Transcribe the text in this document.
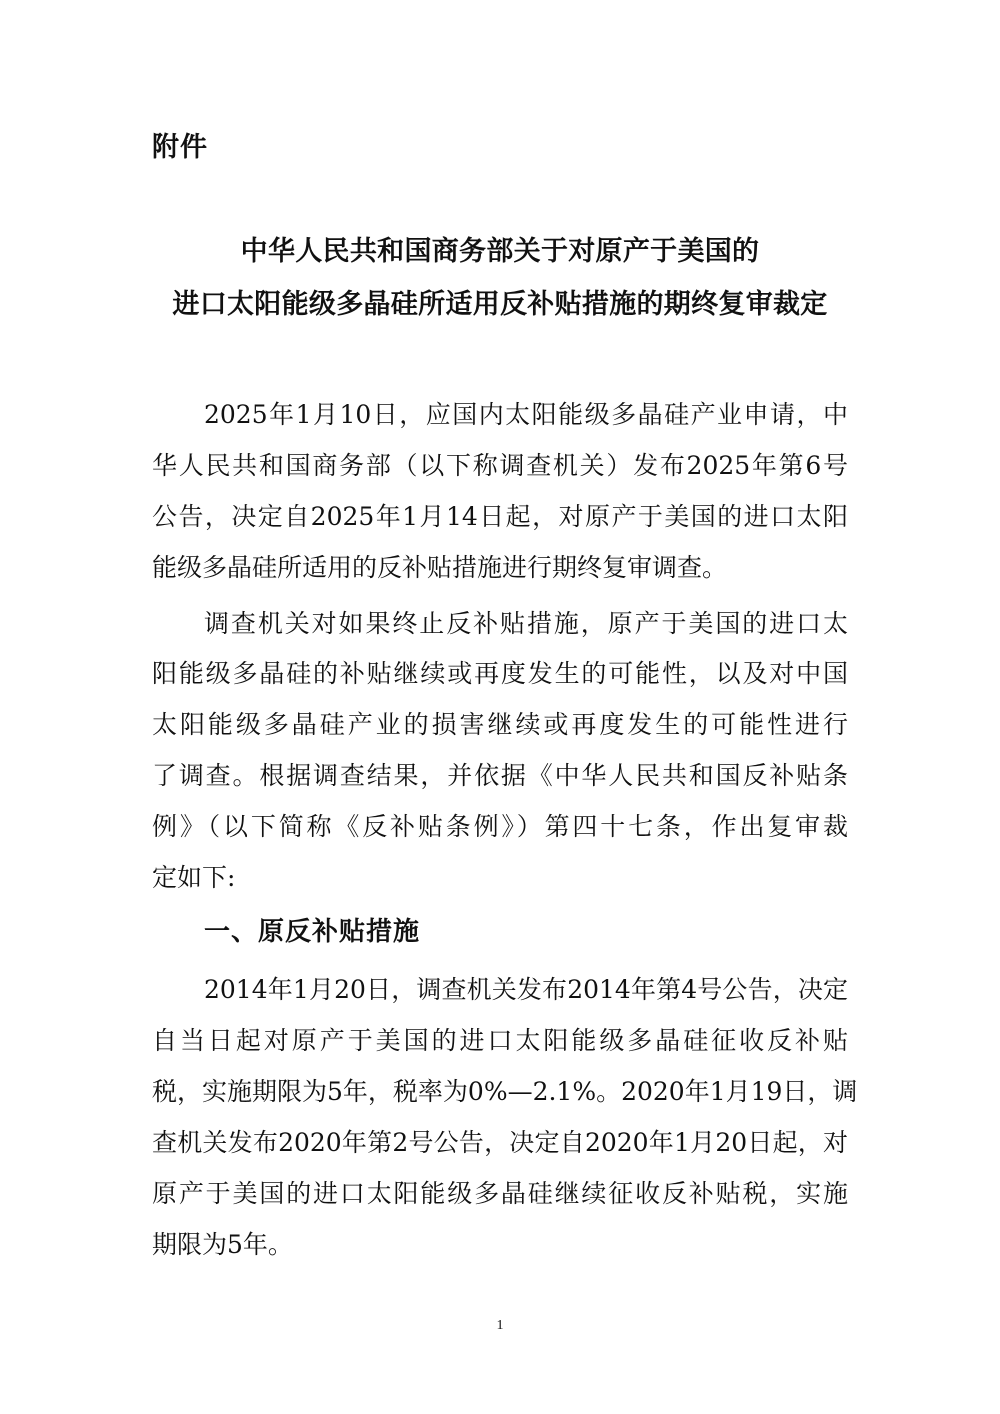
附件
中华人民共和国商务部关于对原产于美国的
进口太阳能级多晶硅所适用反补贴措施的期终复审裁定
2025年1月10日，应国内太阳能级多晶硅产业申请，中
华人民共和国商务部（以下称调查机关）发布2025年第6号
公告，决定自2025年1月14日起，对原产于美国的进口太阳
能级多晶硅所适用的反补贴措施进行期终复审调查。
调查机关对如果终止反补贴措施，原产于美国的进口太
阳能级多晶硅的补贴继续或再度发生的可能性，以及对中国
太阳能级多晶硅产业的损害继续或再度发生的可能性进行
了调查。根据调查结果，并依据《中华人民共和国反补贴条
例》（以下简称《反补贴条例》）第四十七条，作出复审裁
定如下:
一、原反补贴措施
2014年1月20日，调查机关发布2014年第4号公告，决定
自当日起对原产于美国的进口太阳能级多晶硅征收反补贴
税，实施期限为5年，税率为0%—2.1%。2020年1月19日，调
查机关发布2020年第2号公告，决定自2020年1月20日起，对
原产于美国的进口太阳能级多晶硅继续征收反补贴税，实施
期限为5年。
1
